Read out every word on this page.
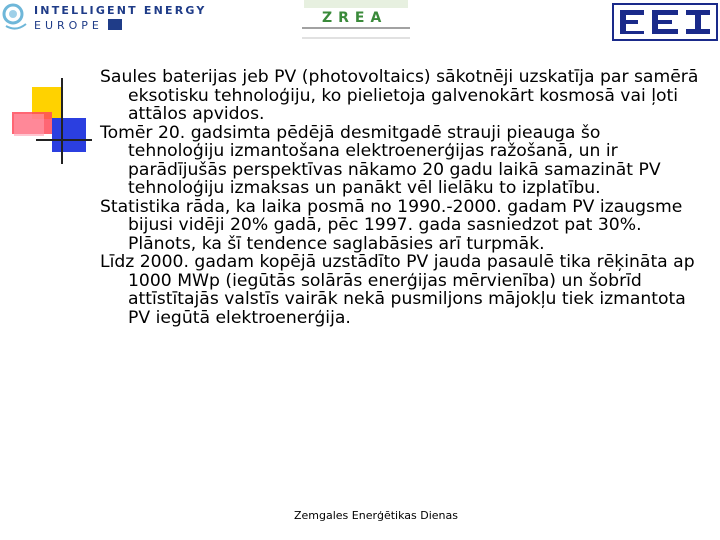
INTELLIGENT ENERGY
EUROPE	ZREA

Saules baterijas jeb PV (photovoltaics) sākotnēji uzskatīja par samērā eksotisku tehnoloģiju, ko pielietoja galvenokārt kosmosā vai ļoti attālos apvidos.

Tomēr 20. gadsimta pēdējā desmitgadē strauji pieauga šo tehnoloģiju izmantošana elektroenerģijas ražošanā, un ir parādījušās perspektīvas nākamo 20 gadu laikā samazināt PV tehnoloģiju izmaksas un panākt vēl lielāku to izplatību.

Statistika rāda, ka laika posmā no 1990.-2000. gadam PV izaugsme bijusi vidēji 20% gadā, pēc 1997. gada sasniedzot pat 30%. Plānots, ka šī tendence saglabāsies arī turpmāk.

Līdz 2000. gadam kopējā uzstādīto PV jauda pasaulē tika rēķināta ap 1000 MWp (iegūtās solārās enerģijas mērvienība) un šobrīd attīstītajās valstīs vairāk nekā pusmiljons mājokļu tiek izmantota PV iegūtā elektroenerģija.

Zemgales Enerģētikas Dienas
